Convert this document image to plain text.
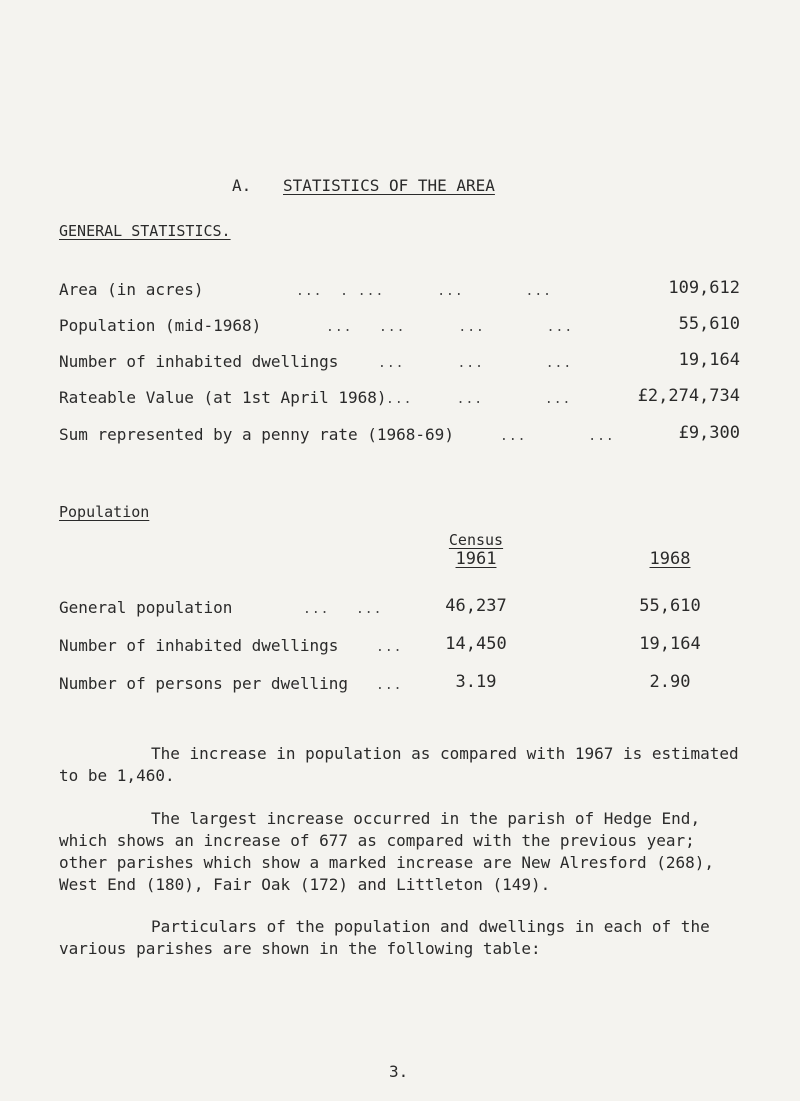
A. STATISTICS OF THE AREA
GENERAL STATISTICS.
Area (in acres)	...  . ...      ...       ...	109,612
Population (mid-1968)	...   ...      ...       ...	55,610
Number of inhabited dwellings	...      ...       ...	19,164
Rateable Value (at 1st April 1968) ...     ...       ...	£2,274,734
Sum represented by a penny rate (1968-69)	...       ...	£9,300
Population
Census
1961	1968
General population	...   ...	46,237	55,610
Number of inhabited dwellings	...	14,450	19,164
Number of persons per dwelling ...	3.19	2.90
The increase in population as compared with 1967 is estimated
to be 1,460.
The largest increase occurred in the parish of Hedge End,
which shows an increase of 677 as compared with the previous year;
other parishes which show a marked increase are New Alresford (268),
West End (180), Fair Oak (172) and Littleton (149).
Particulars of the population and dwellings in each of the
various parishes are shown in the following table:
3.
